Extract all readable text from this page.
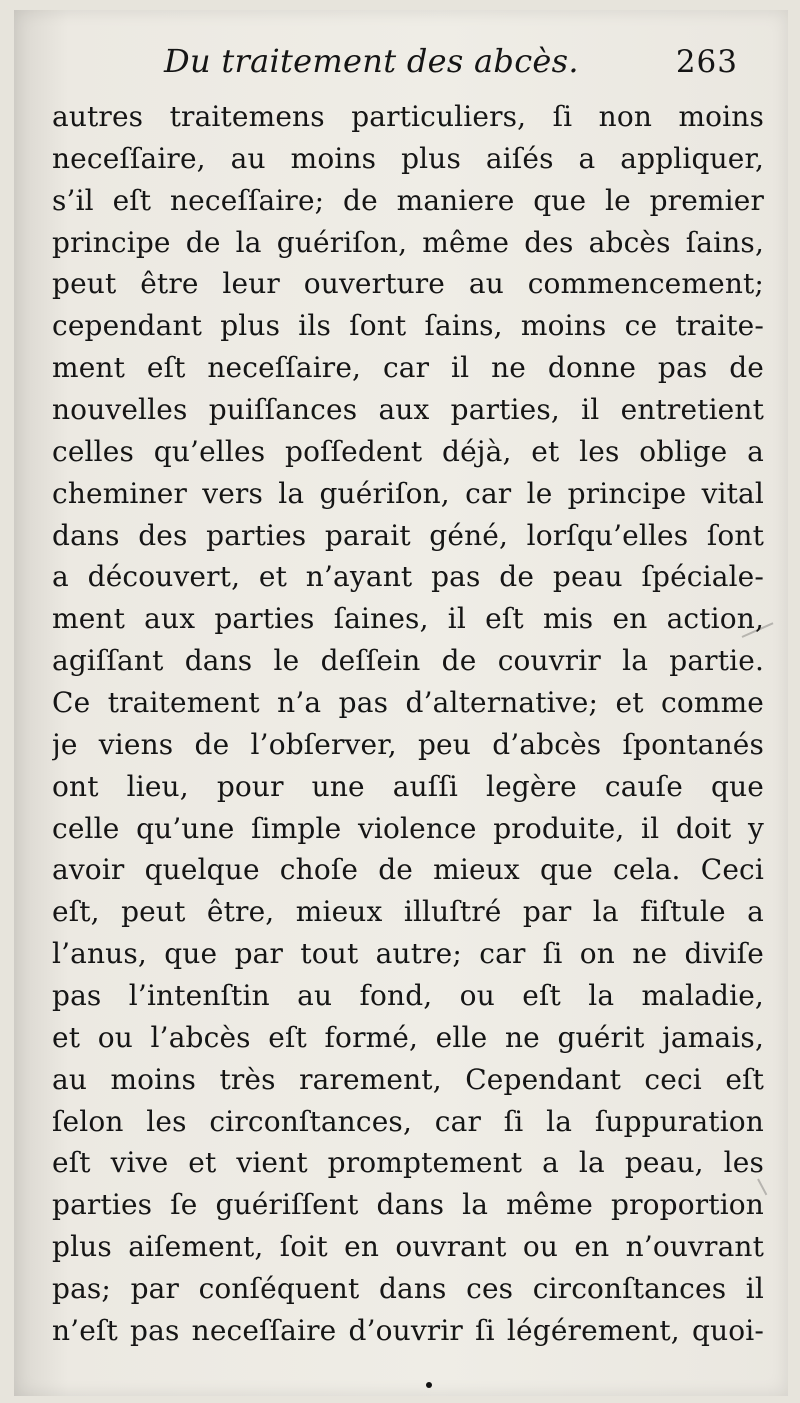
Du traitement des abcès.	263
autres traitemens particuliers, ſi non moins
neceſſaire, au moins plus aiſés a appliquer,
s’il eſt neceſſaire; de maniere que le premier
principe de la guériſon, même des abcès ſains,
peut être leur ouverture au commencement;
cependant plus ils ſont ſains, moins ce traite-
ment eſt neceſſaire, car il ne donne pas de
nouvelles puiſſances aux parties, il entretient
celles qu’elles poſſedent déjà, et les oblige a
cheminer vers la guériſon, car le principe vital
dans des parties parait géné, lorſqu’elles ſont
a découvert, et n’ayant pas de peau ſpéciale-
ment aux parties ſaines, il eſt mis en action,
agiſſant dans le deſſein de couvrir la partie.
Ce traitement n’a pas d’alternative; et comme
je viens de l’obſerver, peu d’abcès ſpontanés
ont lieu, pour une auſſi legère cauſe que
celle qu’une ſimple violence produite, il doit y
avoir quelque choſe de mieux que cela. Ceci
eſt, peut être, mieux illuſtré par la fiſtule a
l’anus, que par tout autre; car ſi on ne diviſe
pas l’intenſtin au fond, ou eſt la maladie,
et ou l’abcès eſt formé, elle ne guérit jamais,
au moins très rarement, Cependant ceci eſt
ſelon les circonſtances, car ſi la ſuppuration
eſt vive et vient promptement a la peau, les
parties ſe guériſſent dans la même proportion
plus aiſement, ſoit en ouvrant ou en n’ouvrant
pas; par conſéquent dans ces circonſtances il
n’eſt pas neceſſaire d’ouvrir ſi légérement, quoi-
